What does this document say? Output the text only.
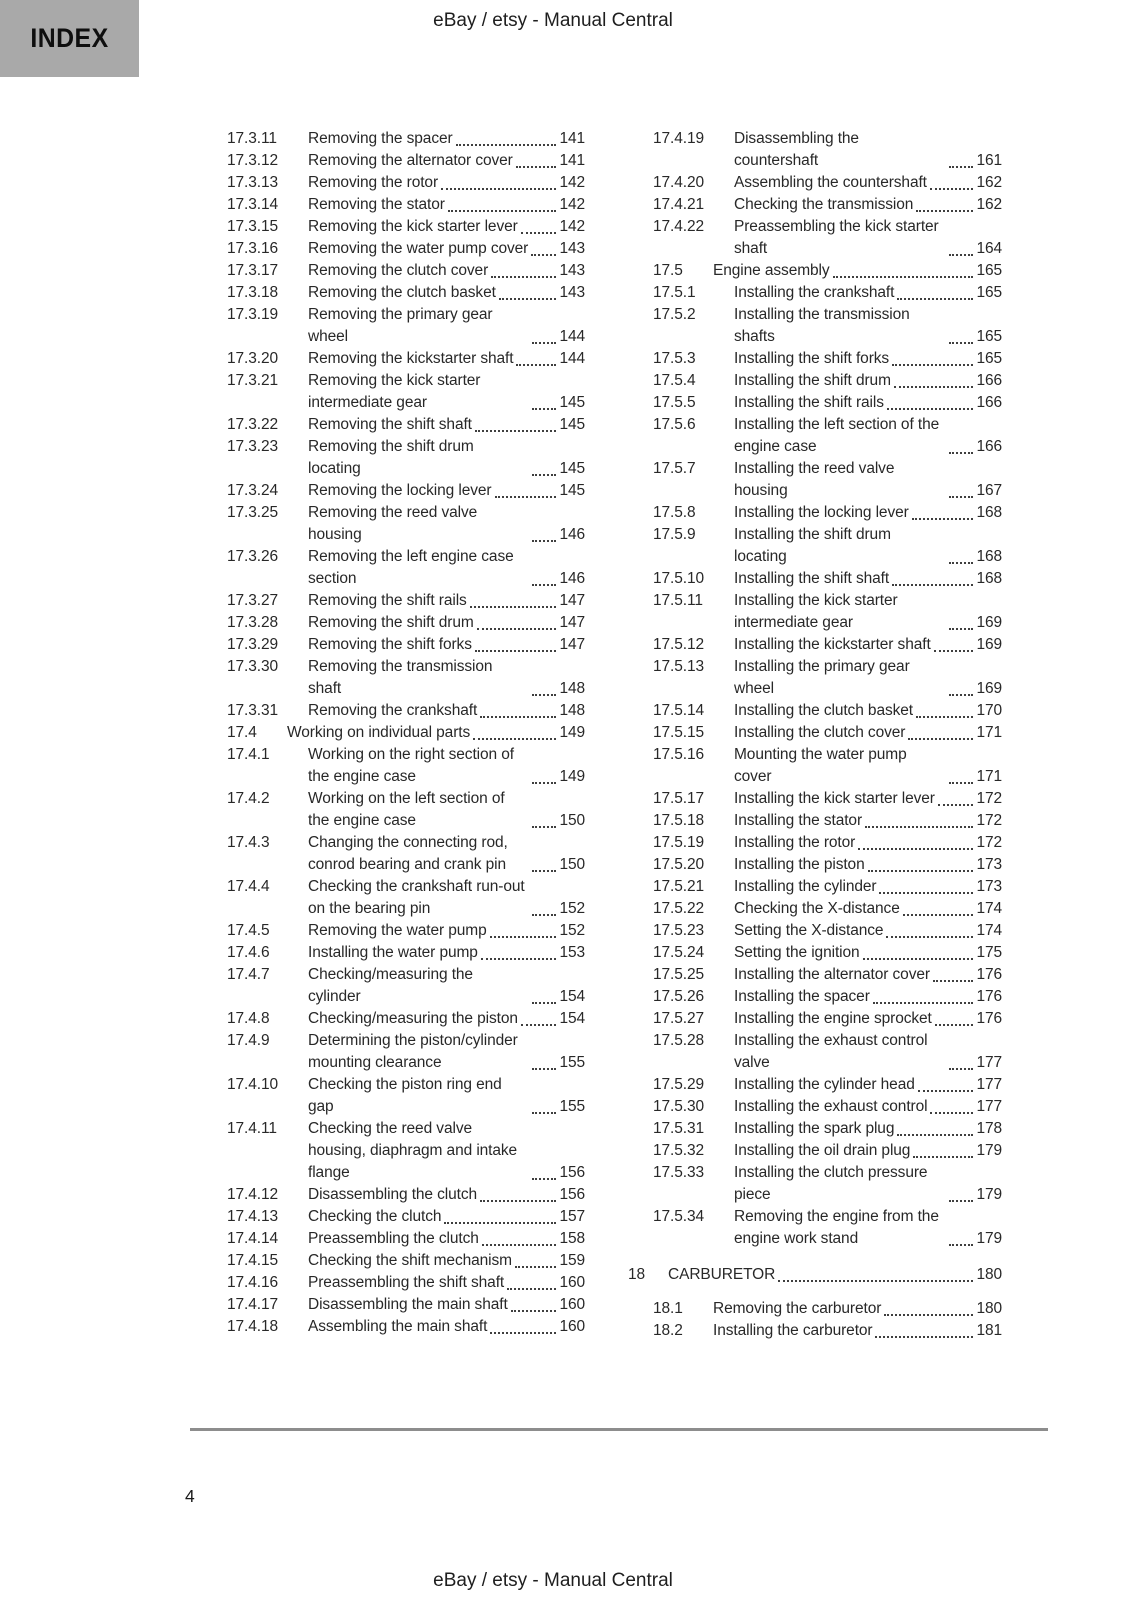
INDEX
eBay / etsy - Manual Central
17.3.11	Removing the spacer	141
17.3.12	Removing the alternator cover	141
17.3.13	Removing the rotor	142
17.3.14	Removing the stator	142
17.3.15	Removing the kick starter lever	142
17.3.16	Removing the water pump cover 143
17.3.17	Removing the clutch cover	143
17.3.18	Removing the clutch basket	143
17.3.19	Removing the primary gear wheel	144
17.3.20	Removing the kickstarter shaft	144
17.3.21	Removing the kick starter intermediate gear	145
17.3.22	Removing the shift shaft	145
17.3.23	Removing the shift drum locating	145
17.3.24	Removing the locking lever	145
17.3.25	Removing the reed valve housing	146
17.3.26	Removing the left engine case section	146
17.3.27	Removing the shift rails	147
17.3.28	Removing the shift drum	147
17.3.29	Removing the shift forks	147
17.3.30	Removing the transmission shaft	148
17.3.31	Removing the crankshaft	148
17.4	Working on individual parts	149
17.4.1	Working on the right section of the engine case	149
17.4.2	Working on the left section of the engine case	150
17.4.3	Changing the connecting rod, conrod bearing and crank pin	150
17.4.4	Checking the crankshaft run-out on the bearing pin	152
17.4.5	Removing the water pump	152
17.4.6	Installing the water pump	153
17.4.7	Checking/measuring the cylinder	154
17.4.8	Checking/measuring the piston	154
17.4.9	Determining the piston/cylinder mounting clearance	155
17.4.10	Checking the piston ring end gap	155
17.4.11	Checking the reed valve housing, diaphragm and intake flange	156
17.4.12	Disassembling the clutch	156
17.4.13	Checking the clutch	157
17.4.14	Preassembling the clutch	158
17.4.15	Checking the shift mechanism	159
17.4.16	Preassembling the shift shaft	160
17.4.17	Disassembling the main shaft	160
17.4.18	Assembling the main shaft	160
17.4.19	Disassembling the countershaft	161
17.4.20	Assembling the countershaft	162
17.4.21	Checking the transmission	162
17.4.22	Preassembling the kick starter shaft	164
17.5	Engine assembly	165
17.5.1	Installing the crankshaft	165
17.5.2	Installing the transmission shafts	165
17.5.3	Installing the shift forks	165
17.5.4	Installing the shift drum	166
17.5.5	Installing the shift rails	166
17.5.6	Installing the left section of the engine case	166
17.5.7	Installing the reed valve housing	167
17.5.8	Installing the locking lever	168
17.5.9	Installing the shift drum locating	168
17.5.10	Installing the shift shaft	168
17.5.11	Installing the kick starter intermediate gear	169
17.5.12	Installing the kickstarter shaft	169
17.5.13	Installing the primary gear wheel	169
17.5.14	Installing the clutch basket	170
17.5.15	Installing the clutch cover	171
17.5.16	Mounting the water pump cover	171
17.5.17	Installing the kick starter lever	172
17.5.18	Installing the stator	172
17.5.19	Installing the rotor	172
17.5.20	Installing the piston	173
17.5.21	Installing the cylinder	173
17.5.22	Checking the X-distance	174
17.5.23	Setting the X-distance	174
17.5.24	Setting the ignition	175
17.5.25	Installing the alternator cover	176
17.5.26	Installing the spacer	176
17.5.27	Installing the engine sprocket	176
17.5.28	Installing the exhaust control valve	177
17.5.29	Installing the cylinder head	177
17.5.30	Installing the exhaust control	177
17.5.31	Installing the spark plug	178
17.5.32	Installing the oil drain plug	179
17.5.33	Installing the clutch pressure piece	179
17.5.34	Removing the engine from the engine work stand	179
18	CARBURETOR	180
18.1	Removing the carburetor	180
18.2	Installing the carburetor	181
4
eBay / etsy - Manual Central
